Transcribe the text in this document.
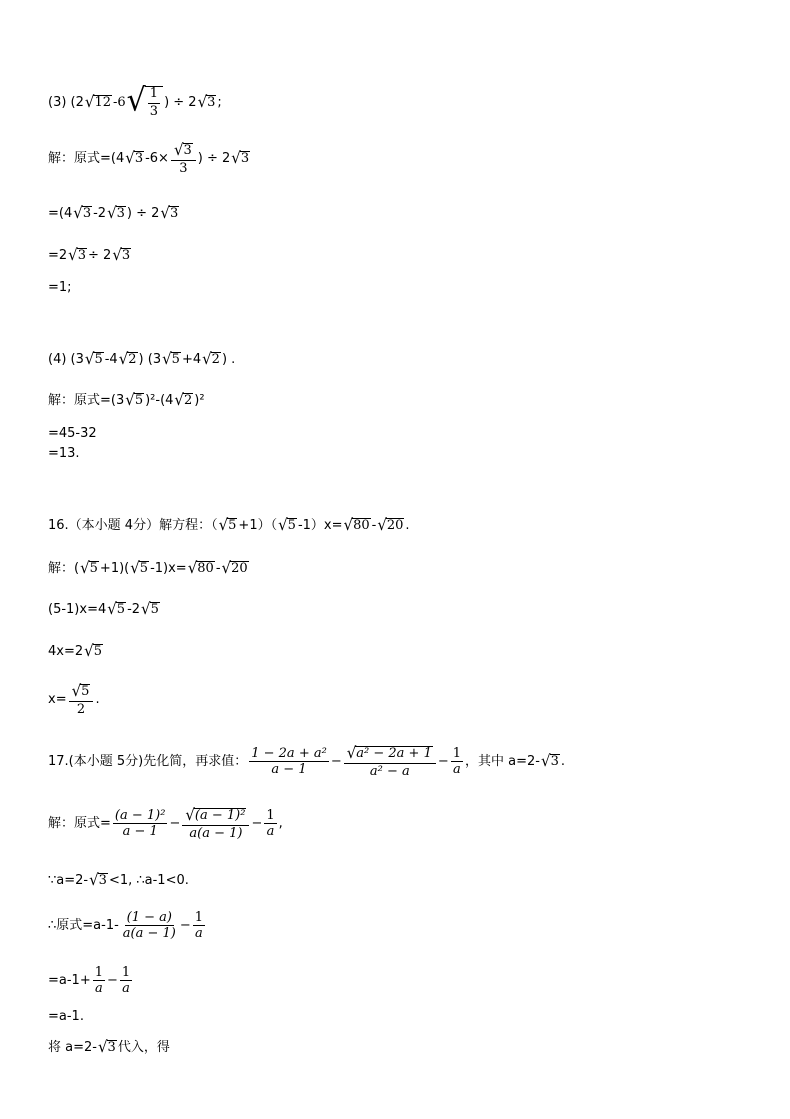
(3) (2 √ 12 -6 √ $\frac{1}{3}$ ) ÷ 2 √ 3 ;
解：原式=(4 √ 3 $-6\times \frac{√ 3}{3}$ ) ÷ 2 √ 3
=(4 √ 3 -2 √ 3 ) ÷ 2 √ 3
=2 √ 3 ÷ 2 √ 3
=1;
(4) (3 √ 5 -4 √ 2 ) (3 √ 5 +4 √ 2 ) .
解：原式=(3 √ 5 )²-(4 √ 2 )²
=45-32
=13.
16.（本小题 4分）解方程：（ √ 5 +1）（ √ 5 -1）x= √ 80 - √ 20 .
解：( √ 5 +1)( √ 5 -1)x= √ 80 - √ 20
(5-1)x=4 √ 5 -2 √ 5
4x=2 √ 5
$x= \frac{√ 5}{2}$ .
17.(本小题 5分)先化简，再求值： $\frac{\text{1 − 2a + a²}}{a - 1} - \frac{\text{√ a² − 2a + 1}}{\text{a² − a}} - \frac{1}{a}$ ，其中 a=2- √ 3 .
解：原式= $\frac{\text{(a − 1)²}}{a - 1} - \frac{\text{√ (a − 1)²}}{a(a - 1)} - \frac{1}{a}$ ,
∵a=2- √ 3 <1, ∴a-1<0.
∴原式$=a-1- \frac{(1 - a)}{a(a - 1)} - \frac{1}{a}$
$=a-1+ \frac{1}{a} - \frac{1}{a}$
=a-1.
将 a=2- √ 3 代入，得
